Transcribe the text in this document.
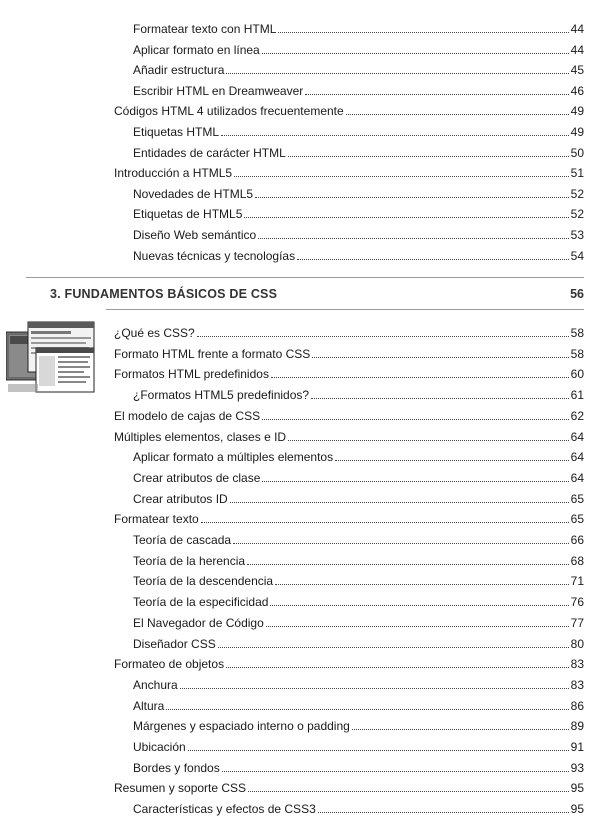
Formatear texto con HTML	44
Aplicar formato en línea	44
Añadir estructura	45
Escribir HTML en Dreamweaver	46
Códigos HTML 4 utilizados frecuentemente	49
Etiquetas HTML	49
Entidades de carácter HTML	50
Introducción a HTML5	51
Novedades de HTML5	52
Etiquetas de HTML5	52
Diseño Web semántico	53
Nuevas técnicas y tecnologías	54
3. FUNDAMENTOS BÁSICOS DE CSS	56
¿Qué es CSS?	58
Formato HTML frente a formato CSS	58
Formatos HTML predefinidos	60
¿Formatos HTML5 predefinidos?	61
El modelo de cajas de CSS	62
Múltiples elementos, clases e ID	64
Aplicar formato a múltiples elementos	64
Crear atributos de clase	64
Crear atributos ID	65
Formatear texto	65
Teoría de cascada	66
Teoría de la herencia	68
Teoría de la descendencia	71
Teoría de la especificidad	76
El Navegador de Código	77
Diseñador CSS	80
Formateo de objetos	83
Anchura	83
Altura	86
Márgenes y espaciado interno o padding	89
Ubicación	91
Bordes y fondos	93
Resumen y soporte CSS	95
Características y efectos de CSS3	95
